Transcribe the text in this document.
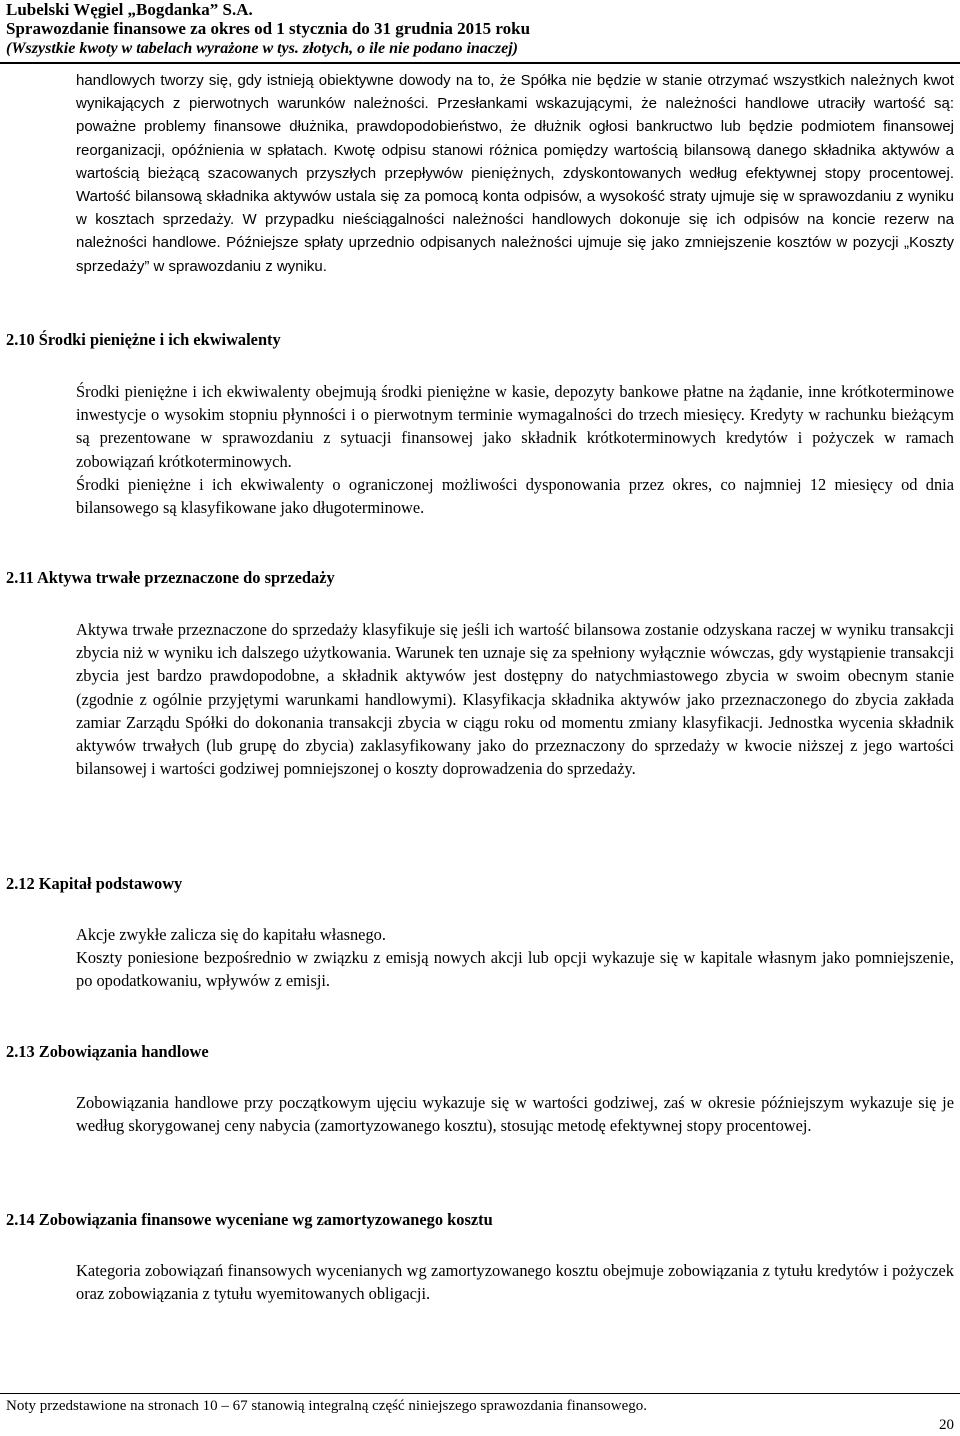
Lubelski Węgiel „Bogdanka” S.A.
Sprawozdanie finansowe za okres od 1 stycznia do 31 grudnia 2015 roku
(Wszystkie kwoty w tabelach wyrażone w tys. złotych, o ile nie podano inaczej)

handlowych tworzy się, gdy istnieją obiektywne dowody na to, że Spółka nie będzie w stanie otrzymać wszystkich należnych kwot wynikających z pierwotnych warunków należności. Przesłankami wskazującymi, że należności handlowe utraciły wartość są: poważne problemy finansowe dłużnika, prawdopodobieństwo, że dłużnik ogłosi bankructwo lub będzie podmiotem finansowej reorganizacji, opóźnienia w spłatach. Kwotę odpisu stanowi różnica pomiędzy wartością bilansową danego składnika aktywów a wartością bieżącą szacowanych przyszłych przepływów pieniężnych, zdyskontowanych według efektywnej stopy procentowej. Wartość bilansową składnika aktywów ustala się za pomocą konta odpisów, a wysokość straty ujmuje się w sprawozdaniu z wyniku w kosztach sprzedaży. W przypadku nieściągalności należności handlowych dokonuje się ich odpisów na koncie rezerw na należności handlowe. Późniejsze spłaty uprzednio odpisanych należności ujmuje się jako zmniejszenie kosztów w pozycji „Koszty sprzedaży” w sprawozdaniu z wyniku.

2.10 Środki pieniężne i ich ekwiwalenty

Środki pieniężne i ich ekwiwalenty obejmują środki pieniężne w kasie, depozyty bankowe płatne na żądanie, inne krótkoterminowe inwestycje o wysokim stopniu płynności i o pierwotnym terminie wymagalności do trzech miesięcy. Kredyty w rachunku bieżącym są prezentowane w sprawozdaniu z sytuacji finansowej jako składnik krótkoterminowych kredytów i pożyczek w ramach zobowiązań krótkoterminowych.

Środki pieniężne i ich ekwiwalenty o ograniczonej możliwości dysponowania przez okres, co najmniej 12 miesięcy od dnia bilansowego są klasyfikowane jako długoterminowe.

2.11 Aktywa trwałe przeznaczone do sprzedaży

Aktywa trwałe przeznaczone do sprzedaży klasyfikuje się jeśli ich wartość bilansowa zostanie odzyskana raczej w wyniku transakcji zbycia niż w wyniku ich dalszego użytkowania. Warunek ten uznaje się za spełniony wyłącznie wówczas, gdy wystąpienie transakcji zbycia jest bardzo prawdopodobne, a składnik aktywów jest dostępny do natychmiastowego zbycia w swoim obecnym stanie (zgodnie z ogólnie przyjętymi warunkami handlowymi). Klasyfikacja składnika aktywów jako przeznaczonego do zbycia zakłada zamiar Zarządu Spółki do dokonania transakcji zbycia w ciągu roku od momentu zmiany klasyfikacji. Jednostka wycenia składnik aktywów trwałych (lub grupę do zbycia) zaklasyfikowany jako do przeznaczony do sprzedaży w kwocie niższej z jego wartości bilansowej i wartości godziwej pomniejszonej o koszty doprowadzenia do sprzedaży.

2.12 Kapitał podstawowy

Akcje zwykłe zalicza się do kapitału własnego.

Koszty poniesione bezpośrednio w związku z emisją nowych akcji lub opcji wykazuje się w kapitale własnym jako pomniejszenie, po opodatkowaniu, wpływów z emisji.

2.13 Zobowiązania handlowe

Zobowiązania handlowe przy początkowym ujęciu wykazuje się w wartości godziwej, zaś w okresie późniejszym wykazuje się je według skorygowanej ceny nabycia (zamortyzowanego kosztu), stosując metodę efektywnej stopy procentowej.

2.14 Zobowiązania finansowe wyceniane wg zamortyzowanego kosztu

Kategoria zobowiązań finansowych wycenianych wg zamortyzowanego kosztu obejmuje zobowiązania z tytułu kredytów i pożyczek oraz zobowiązania z tytułu wyemitowanych obligacji.

Noty przedstawione na stronach 10 – 67 stanowią integralną część niniejszego sprawozdania finansowego.
20
